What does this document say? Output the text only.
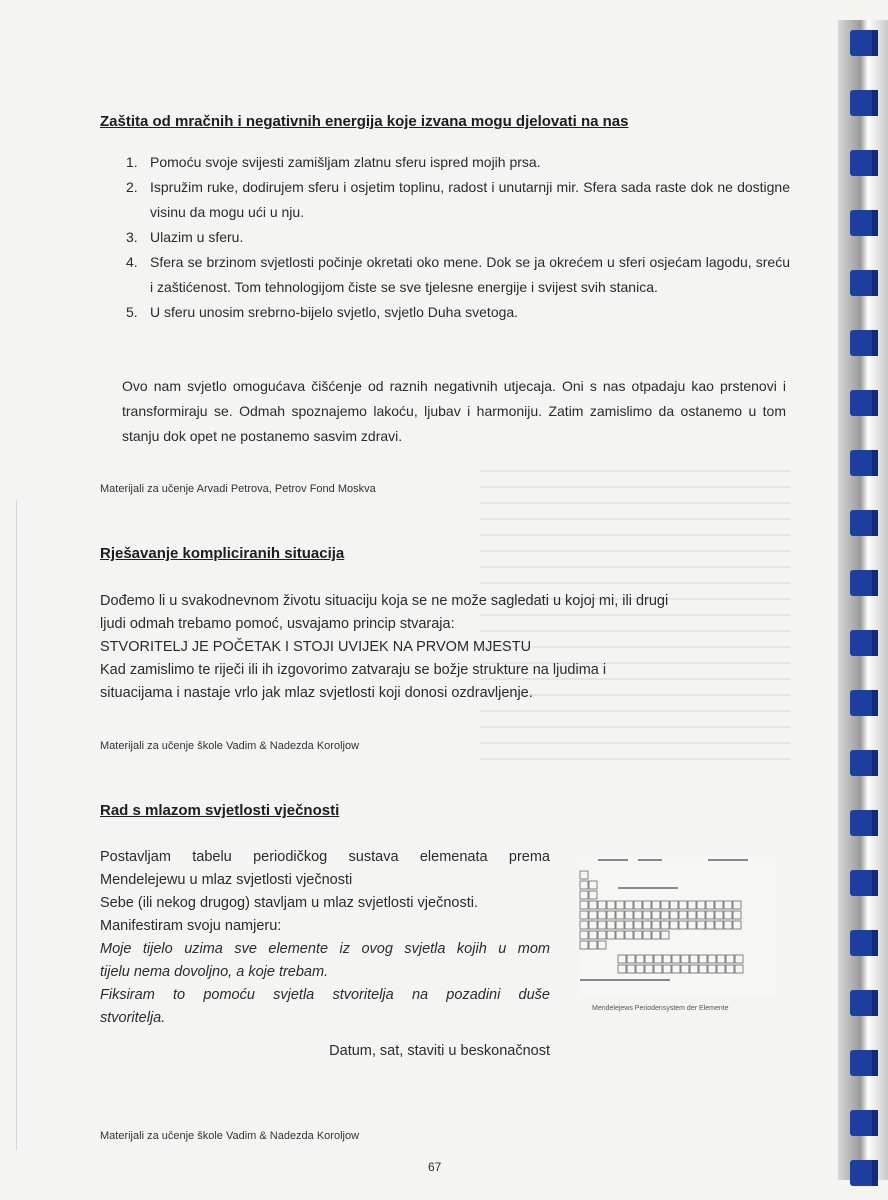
Zaštita od mračnih i negativnih energija koje izvana mogu djelovati na nas
1. Pomoću svoje svijesti zamišljam zlatnu sferu ispred mojih prsa.
2. Ispružim ruke, dodirujem sferu i osjetim toplinu, radost i unutarnji mir. Sfera sada raste dok ne dostigne visinu da mogu ući u nju.
3. Ulazim u sferu.
4. Sfera se brzinom svjetlosti počinje okretati oko mene. Dok se ja okrećem u sferi osjećam lagodu, sreću i zaštićenost. Tom tehnologijom čiste se sve tjelesne energije i svijest svih stanica.
5. U sferu unosim srebrno-bijelo svjetlo, svjetlo Duha svetoga.
Ovo nam svjetlo omogućava čišćenje od raznih negativnih utjecaja. Oni s nas otpadaju kao prstenovi i transformiraju se. Odmah spoznajemo lakoću, ljubav i harmoniju. Zatim zamislimo da ostanemo u tom stanju dok opet ne postanemo sasvim zdravi.
Materijali za učenje Arvadi Petrova, Petrov Fond Moskva
Rješavanje kompliciranih situacija
Dođemo li u svakodnevnom životu situaciju koja se ne može sagledati u kojoj mi, ili drugi
ljudi odmah trebamo pomoć, usvajamo princip stvaraja:
STVORITELJ JE POČETAK I STOJI UVIJEK NA PRVOM MJESTU
Kad zamislimo te riječi ili ih izgovorimo zatvaraju se božje strukture na ljudima i
situacijama i nastaje vrlo jak mlaz svjetlosti koji donosi ozdravljenje.
Materijali za učenje škole Vadim & Nadezda Koroljow
Rad s mlazom svjetlosti vječnosti
Postavljam tabelu periodičkog sustava elemenata prema
Mendelejewu u mlaz svjetlosti vječnosti
Sebe (ili nekog drugog) stavljam u mlaz svjetlosti vječnosti.
Manifestiram svoju namjeru:
Moje tijelo uzima sve elemente iz ovog svjetla kojih u mom
tijelu nema dovoljno, a koje trebam.
Fiksiram to pomoću svjetla stvoritelja na pozadini duše
stvoritelja.
Datum, sat, staviti u beskonačnost
Mendelejews Periodensystem der Elemente
Materijali za učenje škole Vadim & Nadezda Koroljow
67
